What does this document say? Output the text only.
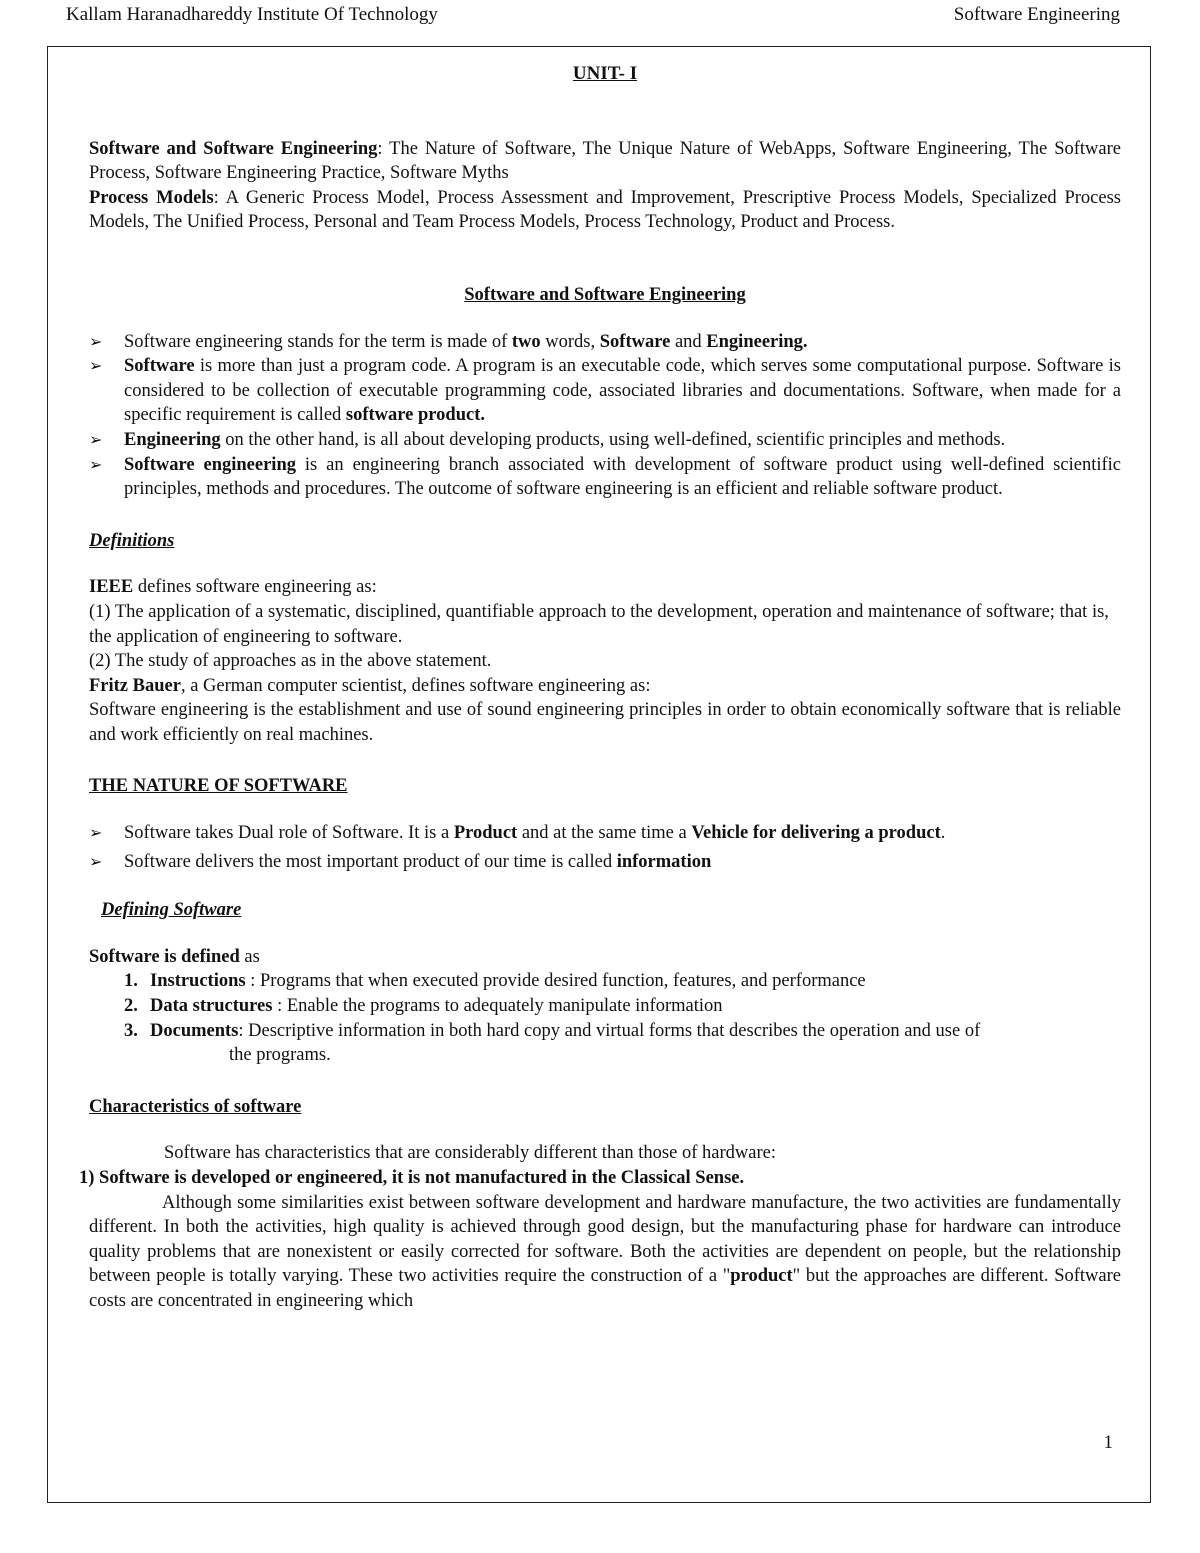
Kallam Haranadhareddy Institute Of Technology	Software Engineering

UNIT- I

Software and Software Engineering: The Nature of Software, The Unique Nature of WebApps, Software Engineering, The Software Process, Software Engineering Practice, Software Myths

Process Models: A Generic Process Model, Process Assessment and Improvement, Prescriptive Process Models, Specialized Process Models, The Unified Process, Personal and Team Process Models, Process Technology, Product and Process.

Software and Software Engineering

➢ Software engineering stands for the term is made of two words, Software and Engineering.
➢ Software is more than just a program code. A program is an executable code, which serves some computational purpose. Software is considered to be collection of executable programming code, associated libraries and documentations. Software, when made for a specific requirement is called software product.
➢ Engineering on the other hand, is all about developing products, using well-defined, scientific principles and methods.
➢ Software engineering is an engineering branch associated with development of software product using well-defined scientific principles, methods and procedures. The outcome of software engineering is an efficient and reliable software product.

Definitions

IEEE defines software engineering as:

(1) The application of a systematic, disciplined, quantifiable approach to the development, operation and maintenance of software; that is, the application of engineering to software.

(2) The study of approaches as in the above statement.

Fritz Bauer, a German computer scientist, defines software engineering as:

Software engineering is the establishment and use of sound engineering principles in order to obtain economically software that is reliable and work efficiently on real machines.

THE NATURE OF SOFTWARE

➢ Software takes Dual role of Software. It is a Product and at the same time a Vehicle for delivering a product.
➢ Software delivers the most important product of our time is called information

Defining Software

Software is defined as

1. Instructions : Programs that when executed provide desired function, features, and performance
2. Data structures : Enable the programs to adequately manipulate information
3. Documents: Descriptive information in both hard copy and virtual forms that describes the operation and use of

the programs.

Characteristics of software

Software has characteristics that are considerably different than those of hardware:

1) Software is developed or engineered, it is not manufactured in the Classical Sense.

Although some similarities exist between software development and hardware manufacture, the two activities are fundamentally different. In both the activities, high quality is achieved through good design, but the manufacturing phase for hardware can introduce quality problems that are nonexistent or easily corrected for software. Both the activities are dependent on people, but the relationship between people is totally varying. These two activities require the construction of a "product" but the approaches are different. Software costs are concentrated in engineering which

1
